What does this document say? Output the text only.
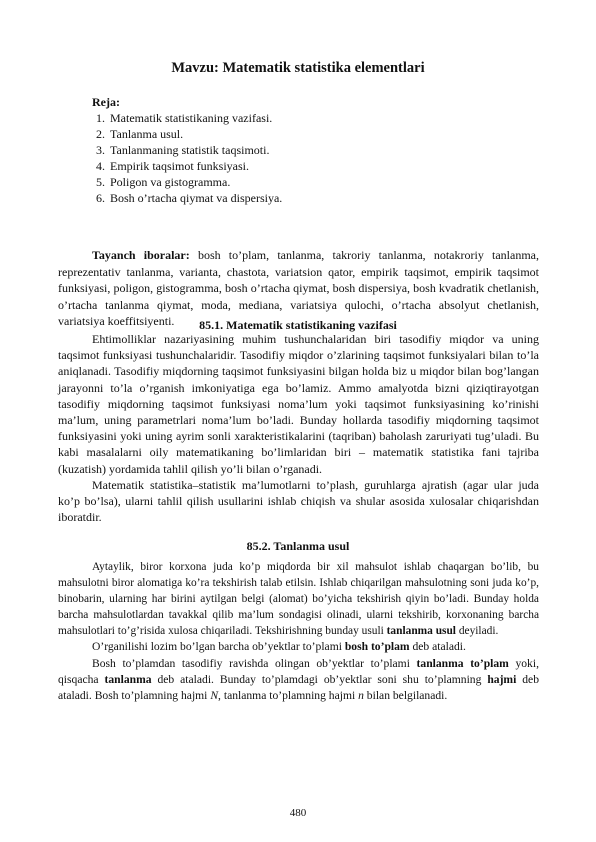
Mavzu: Matematik statistika elementlari
Reja:
1. Matematik statistikaning vazifasi.
2. Tanlanma usul.
3. Tanlanmaning statistik taqsimoti.
4. Empirik taqsimot funksiyasi.
5. Poligon va gistogramma.
6. Bosh o’rtacha qiymat va dispersiya.

Tayanch iboralar: bosh to’plam, tanlanma, takroriy tanlanma, notakroriy tanlanma, reprezentativ tanlanma, varianta, chastota, variatsion qator, empirik taqsimot, empirik taqsimot funksiyasi, poligon, gistogramma, bosh o’rtacha qiymat, bosh dispersiya, bosh kvadratik chetlanish, o’rtacha tanlanma qiymat, moda, mediana, variatsiya qulochi, o’rtacha absolyut chetlanish, variatsiya koeffitsiyenti.	85.1. Matematik statistikaning vazifasi

Ehtimolliklar nazariyasining muhim tushunchalaridan biri tasodifiy miqdor va uning taqsimot funksiyasi tushunchalaridir. Tasodifiy miqdor o’zlarining taqsimot funksiyalari bilan to’la aniqlanadi. Tasodifiy miqdorning taqsimot funksiyasini bilgan holda biz u miqdor bilan bog’langan jarayonni to’la o’rganish imkoniyatiga ega bo’lamiz. Ammo amalyotda bizni qiziqtirayotgan tasodifiy miqdorning taqsimot funksiyasi noma’lum yoki taqsimot funksiyasining ko’rinishi ma’lum, uning parametrlari noma’lum bo’ladi. Bunday hollarda tasodifiy miqdorning taqsimot funksiyasini yoki uning ayrim sonli xarakteristikalarini (taqriban) baholash zaruriyati tug’uladi. Bu kabi masalalarni oily matematikaning bo’limlaridan biri – matematik statistika fani tajriba (kuzatish) yordamida tahlil qilish yo’li bilan o’rganadi.

Matematik statistika–statistik ma’lumotlarni to’plash, guruhlarga ajratish (agar ular juda ko’p bo’lsa), ularni tahlil qilish usullarini ishlab chiqish va shular asosida xulosalar chiqarishdan iboratdir.

85.2. Tanlanma usul

Aytaylik, biror korxona juda ko’p miqdorda bir xil mahsulot ishlab chaqargan bo’lib, bu mahsulotni biror alomatiga ko’ra tekshirish talab etilsin. Ishlab chiqarilgan mahsulotning soni juda ko’p, binobarin, ularning har birini aytilgan belgi (alomat) bo’yicha tekshirish qiyin bo’ladi. Bunday holda barcha mahsulotlardan tavakkal qilib ma’lum sondagisi olinadi, ularni tekshirib, korxonaning barcha mahsulotlari to’g’risida xulosa chiqariladi. Tekshirishning bunday usuli tanlanma usul deyiladi.

O’rganilishi lozim bo’lgan barcha ob’yektlar to’plami bosh to’plam deb ataladi.

Bosh to’plamdan tasodifiy ravishda olingan ob’yektlar to’plami tanlanma to’plam yoki, qisqacha tanlanma deb ataladi. Bunday to’plamdagi ob’yektlar soni shu to’plamning hajmi deb ataladi. Bosh to’plamning hajmi N, tanlanma to’plamning hajmi n bilan belgilanadi.

480
